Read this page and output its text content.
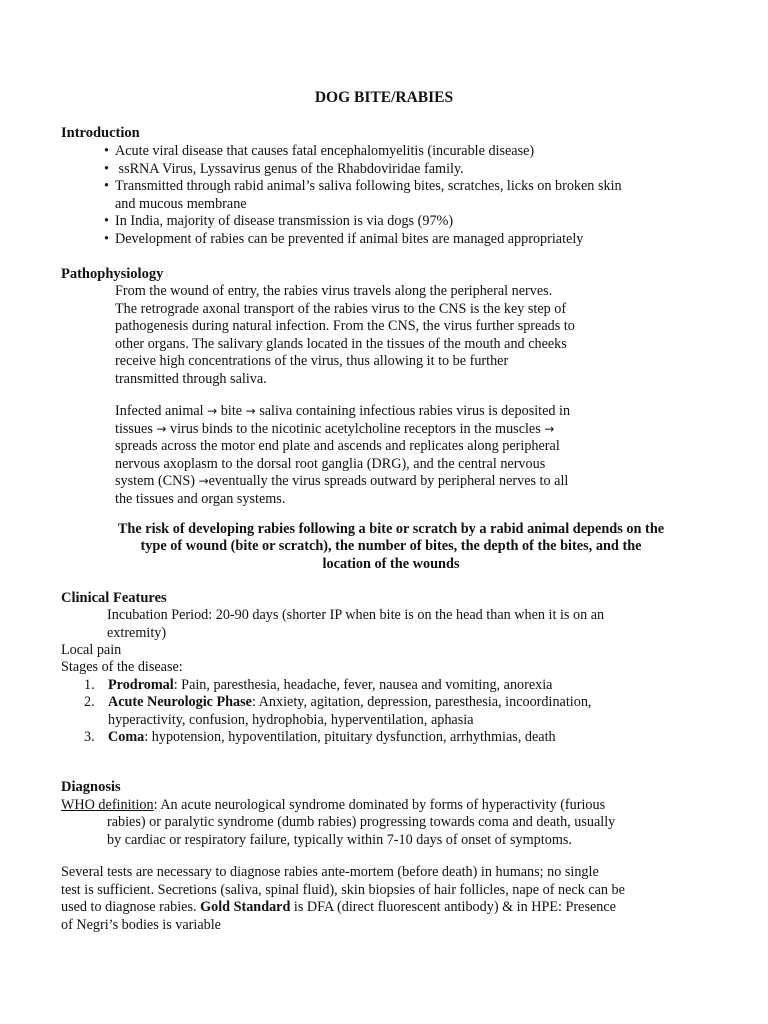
DOG BITE/RABIES
Introduction
• Acute viral disease that causes fatal encephalomyelitis (incurable disease)
• ssRNA Virus, Lyssavirus genus of the Rhabdoviridae family.
• Transmitted through rabid animal’s saliva following bites, scratches, licks on broken skin
and mucous membrane
• In India, majority of disease transmission is via dogs (97%)
• Development of rabies can be prevented if animal bites are managed appropriately
Pathophysiology
From the wound of entry, the rabies virus travels along the peripheral nerves.
The retrograde axonal transport of the rabies virus to the CNS is the key step of
pathogenesis during natural infection. From the CNS, the virus further spreads to
other organs. The salivary glands located in the tissues of the mouth and cheeks
receive high concentrations of the virus, thus allowing it to be further
transmitted through saliva.
Infected animal → bite → saliva containing infectious rabies virus is deposited in
tissues → virus binds to the nicotinic acetylcholine receptors in the muscles →
spreads across the motor end plate and ascends and replicates along peripheral
nervous axoplasm to the dorsal root ganglia (DRG), and the central nervous
system (CNS) →eventually the virus spreads outward by peripheral nerves to all
the tissues and organ systems.
The risk of developing rabies following a bite or scratch by a rabid animal depends on the
type of wound (bite or scratch), the number of bites, the depth of the bites, and the
location of the wounds
Clinical Features
Incubation Period: 20-90 days (shorter IP when bite is on the head than when it is on an
extremity)
Local pain
Stages of the disease:
1. Prodromal: Pain, paresthesia, headache, fever, nausea and vomiting, anorexia
2. Acute Neurologic Phase: Anxiety, agitation, depression, paresthesia, incoordination,
hyperactivity, confusion, hydrophobia, hyperventilation, aphasia
3. Coma: hypotension, hypoventilation, pituitary dysfunction, arrhythmias, death
Diagnosis
WHO definition: An acute neurological syndrome dominated by forms of hyperactivity (furious
rabies) or paralytic syndrome (dumb rabies) progressing towards coma and death, usually
by cardiac or respiratory failure, typically within 7-10 days of onset of symptoms.
Several tests are necessary to diagnose rabies ante-mortem (before death) in humans; no single
test is sufficient. Secretions (saliva, spinal fluid), skin biopsies of hair follicles, nape of neck can be
used to diagnose rabies. Gold Standard is DFA (direct fluorescent antibody) & in HPE: Presence
of Negri’s bodies is variable
